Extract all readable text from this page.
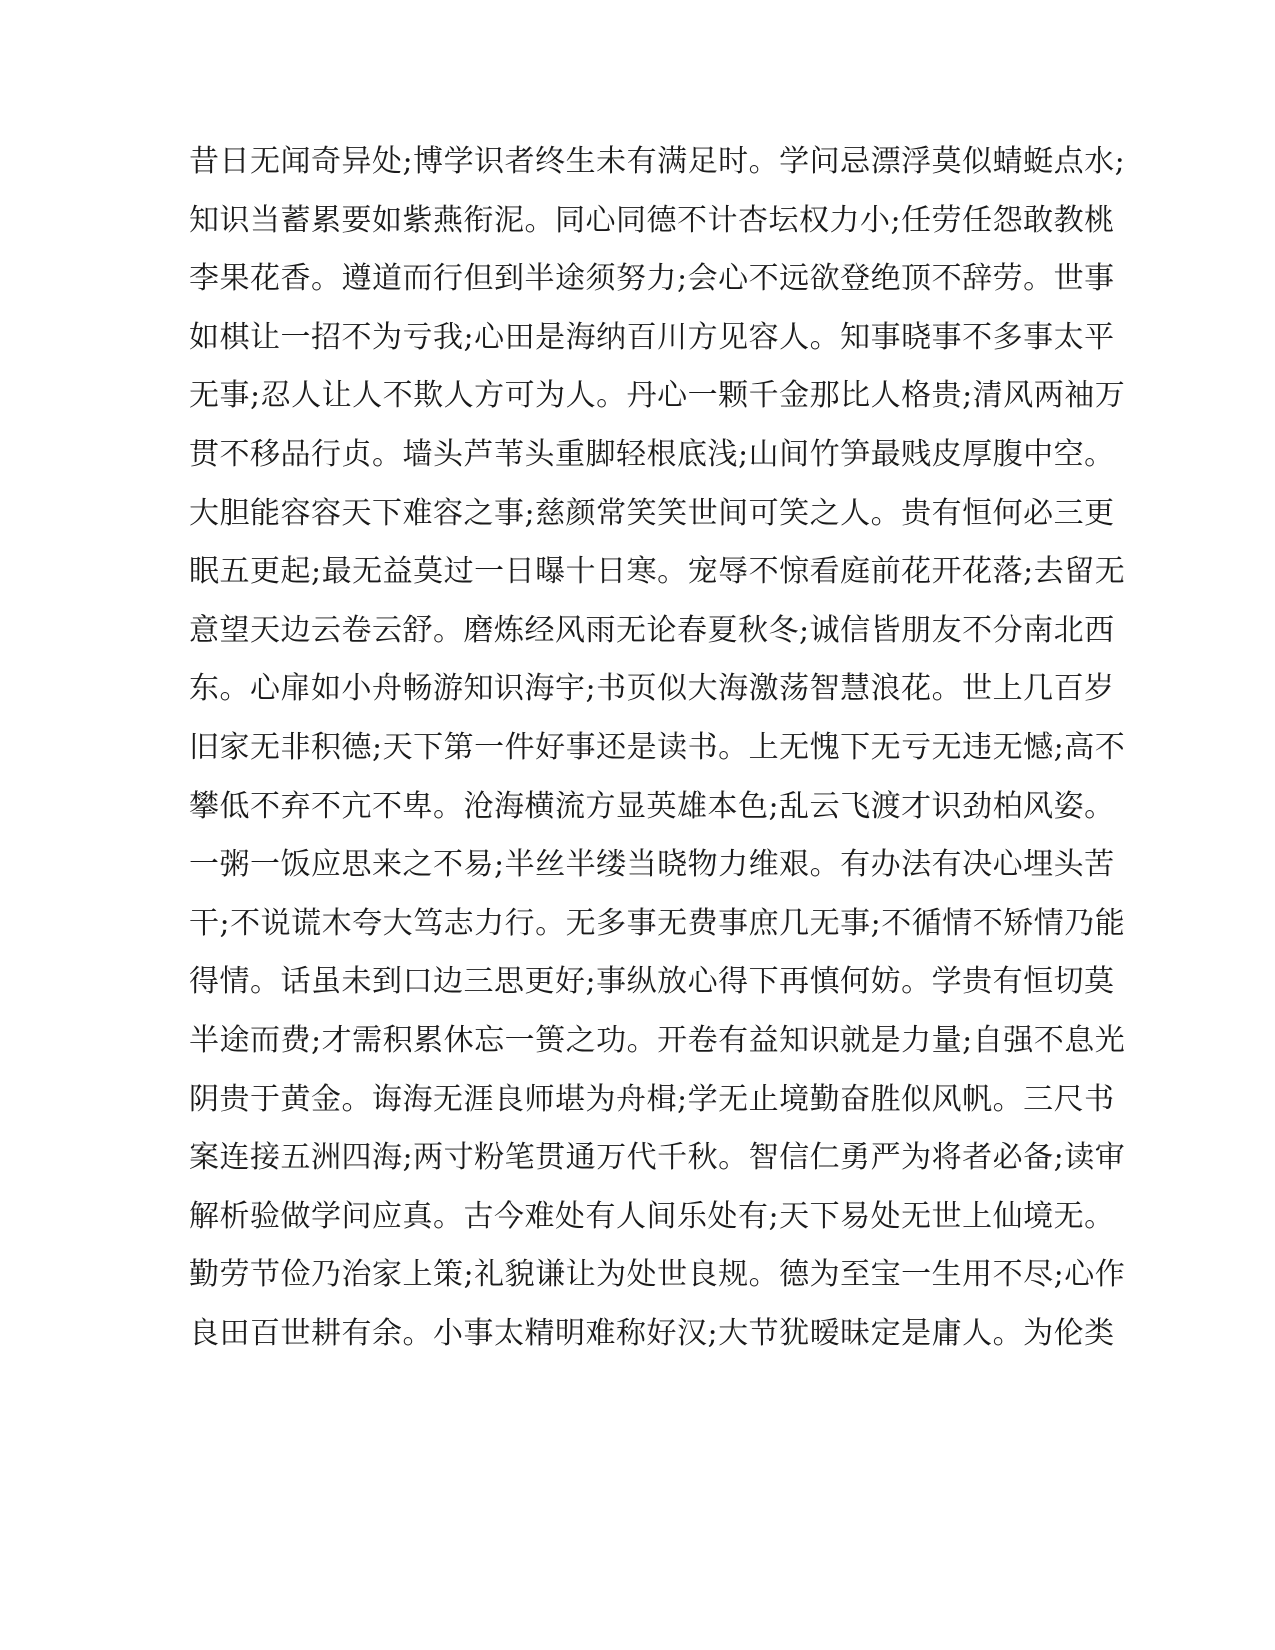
昔日无闻奇异处;博学识者终生未有满足时。学问忌漂浮莫似蜻蜓点水;
知识当蓄累要如紫燕衔泥。同心同德不计杏坛权力小;任劳任怨敢教桃
李果花香。遵道而行但到半途须努力;会心不远欲登绝顶不辞劳。世事
如棋让一招不为亏我;心田是海纳百川方见容人。知事晓事不多事太平
无事;忍人让人不欺人方可为人。丹心一颗千金那比人格贵;清风两袖万
贯不移品行贞。墙头芦苇头重脚轻根底浅;山间竹笋最贱皮厚腹中空。
大胆能容容天下难容之事;慈颜常笑笑世间可笑之人。贵有恒何必三更
眠五更起;最无益莫过一日曝十日寒。宠辱不惊看庭前花开花落;去留无
意望天边云卷云舒。磨炼经风雨无论春夏秋冬;诚信皆朋友不分南北西
东。心扉如小舟畅游知识海宇;书页似大海激荡智慧浪花。世上几百岁
旧家无非积德;天下第一件好事还是读书。上无愧下无亏无违无憾;高不
攀低不弃不亢不卑。沧海横流方显英雄本色;乱云飞渡才识劲柏风姿。
一粥一饭应思来之不易;半丝半缕当晓物力维艰。有办法有决心埋头苦
干;不说谎木夸大笃志力行。无多事无费事庶几无事;不循情不矫情乃能
得情。话虽未到口边三思更好;事纵放心得下再慎何妨。学贵有恒切莫
半途而费;才需积累休忘一篑之功。开卷有益知识就是力量;自强不息光
阴贵于黄金。诲海无涯良师堪为舟楫;学无止境勤奋胜似风帆。三尺书
案连接五洲四海;两寸粉笔贯通万代千秋。智信仁勇严为将者必备;读审
解析验做学问应真。古今难处有人间乐处有;天下易处无世上仙境无。
勤劳节俭乃治家上策;礼貌谦让为处世良规。德为至宝一生用不尽;心作
良田百世耕有余。小事太精明难称好汉;大节犹暧昧定是庸人。为伦类
